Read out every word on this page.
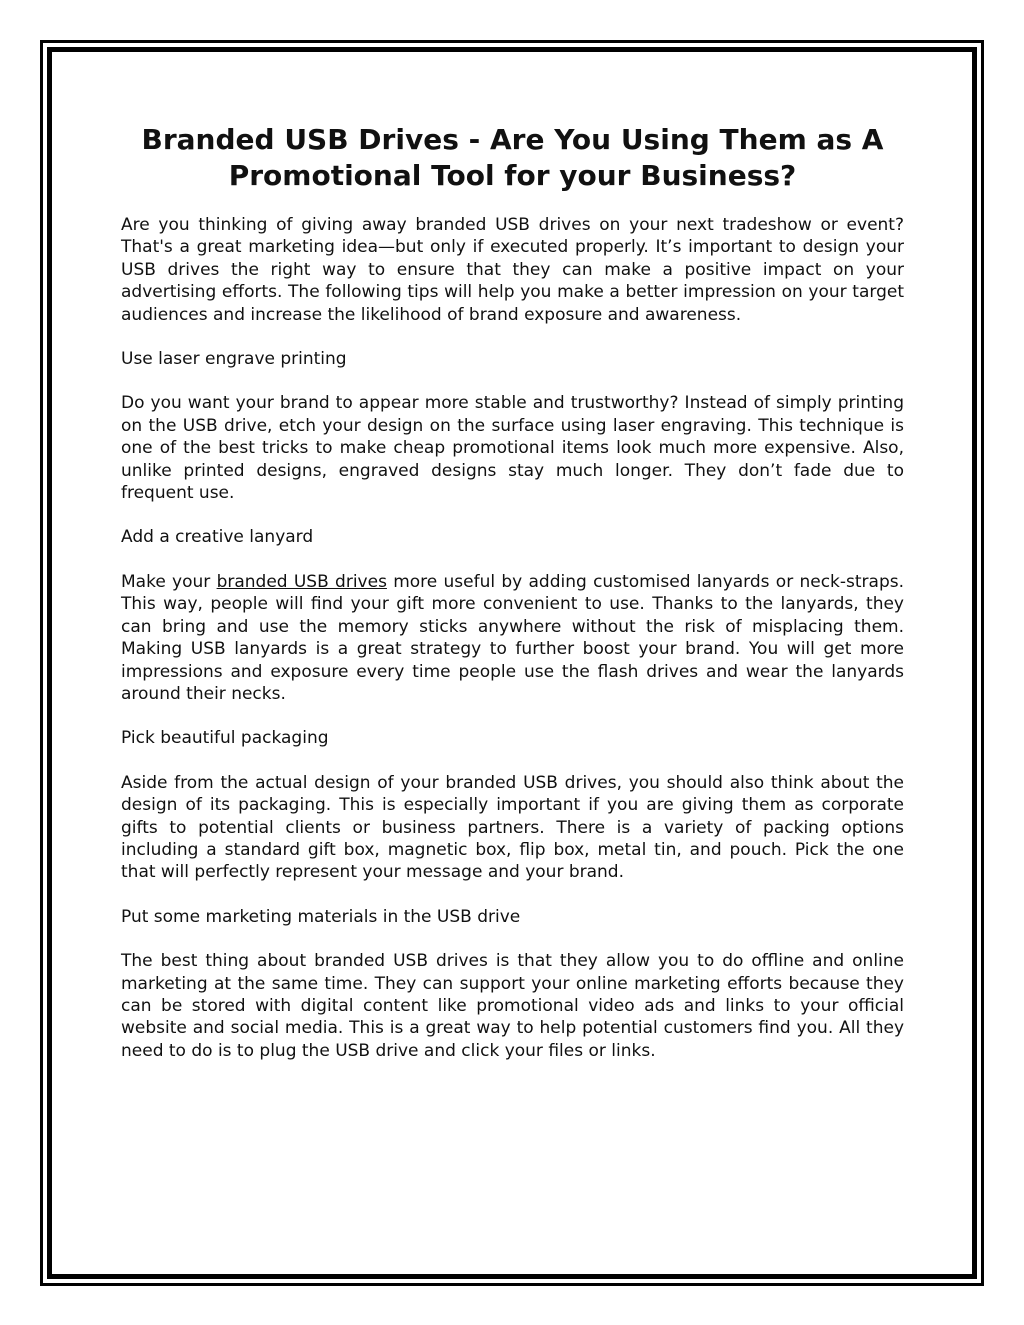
Branded USB Drives - Are You Using Them as A Promotional Tool for your Business?

Are you thinking of giving away branded USB drives on your next tradeshow or event? That's a great marketing idea—but only if executed properly. It’s important to design your USB drives the right way to ensure that they can make a positive impact on your advertising efforts. The following tips will help you make a better impression on your target audiences and increase the likelihood of brand exposure and awareness.

Use laser engrave printing

Do you want your brand to appear more stable and trustworthy? Instead of simply printing on the USB drive, etch your design on the surface using laser engraving. This technique is one of the best tricks to make cheap promotional items look much more expensive. Also, unlike printed designs, engraved designs stay much longer. They don’t fade due to frequent use.

Add a creative lanyard

Make your branded USB drives more useful by adding customised lanyards or neck-straps. This way, people will find your gift more convenient to use. Thanks to the lanyards, they can bring and use the memory sticks anywhere without the risk of misplacing them. Making USB lanyards is a great strategy to further boost your brand. You will get more impressions and exposure every time people use the flash drives and wear the lanyards around their necks.

Pick beautiful packaging

Aside from the actual design of your branded USB drives, you should also think about the design of its packaging. This is especially important if you are giving them as corporate gifts to potential clients or business partners. There is a variety of packing options including a standard gift box, magnetic box, flip box, metal tin, and pouch. Pick the one that will perfectly represent your message and your brand.

Put some marketing materials in the USB drive

The best thing about branded USB drives is that they allow you to do offline and online marketing at the same time. They can support your online marketing efforts because they can be stored with digital content like promotional video ads and links to your official website and social media. This is a great way to help potential customers find you. All they need to do is to plug the USB drive and click your files or links.
